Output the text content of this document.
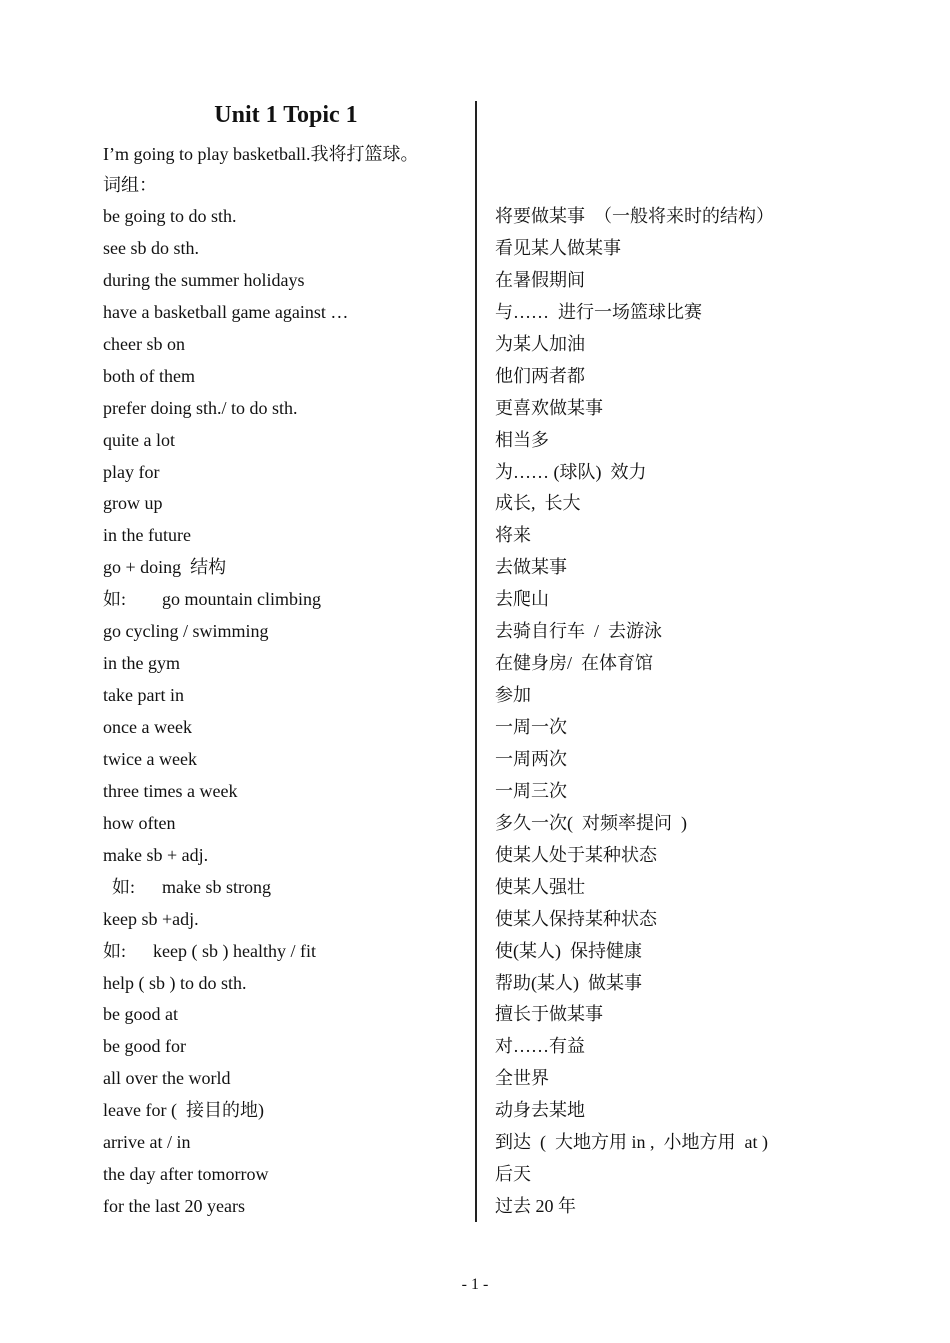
Unit 1 Topic 1
I’m going to play basketball.我将打篮球。
词组：
be going to do sth.	将要做某事  （一般将来时的结构）
see sb do sth.	看见某人做某事
during the summer holidays	在暑假期间
have a basketball game against …	与……  进行一场篮球比赛
cheer sb on	为某人加油
both of them	他们两者都
prefer doing sth./ to do sth.	更喜欢做某事
quite a lot	相当多
play for	为…… (球队)  效力
grow up	成长,  长大
in the future	将来
go + doing  结构	去做某事
如:        go mountain climbing	去爬山
go cycling / swimming	去骑自行车  /  去游泳
in the gym	在健身房/  在体育馆
take part in	参加
once a week	一周一次
twice a week	一周两次
three times a week	一周三次
how often	多久一次(  对频率提问  )
make sb + adj.	使某人处于某种状态
如:      make sb strong	使某人强壮
keep sb +adj.	使某人保持某种状态
如:      keep ( sb ) healthy / fit	使(某人)  保持健康
help ( sb ) to do sth.	帮助(某人)  做某事
be good at	擅长于做某事
be good for	对……有益
all over the world	全世界
leave for (  接目的地)	动身去某地
arrive at / in	到达  (  大地方用 in ,  小地方用  at )
the day after tomorrow	后天
for the last 20 years	过去 20 年
- 1 -
